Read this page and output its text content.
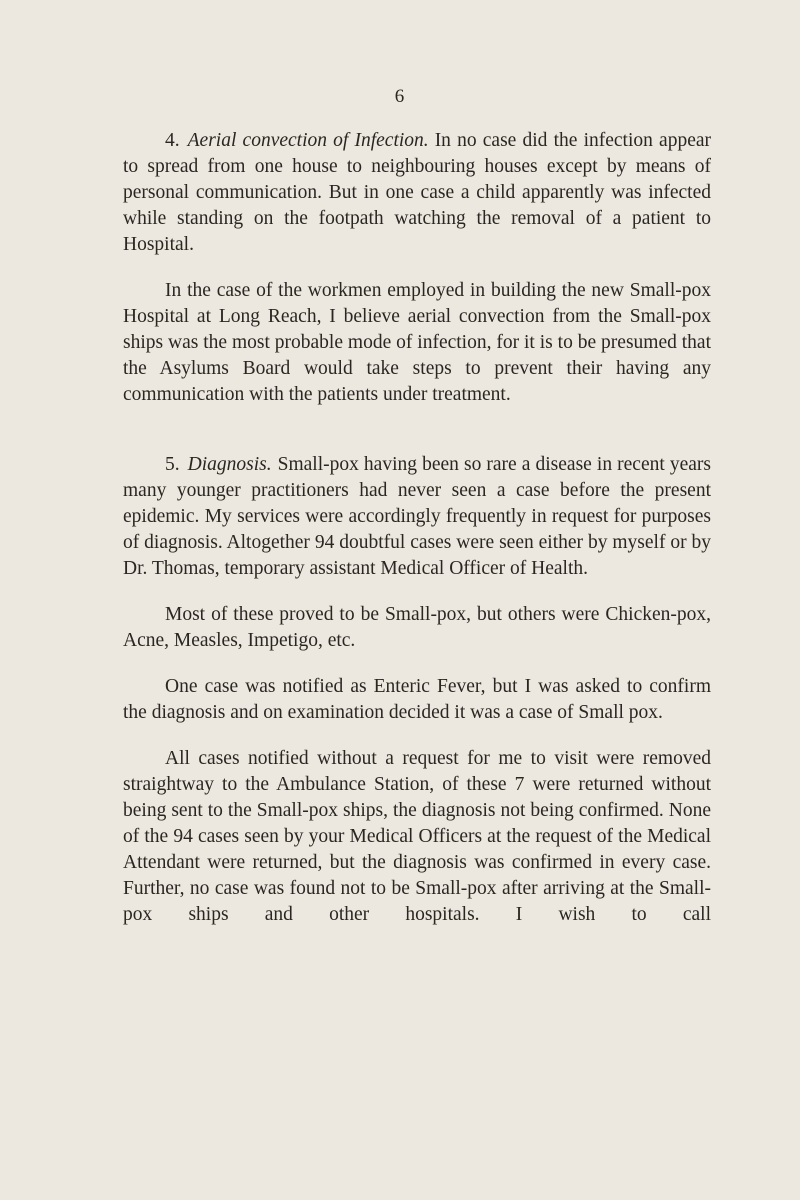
6

4. Aerial convection of Infection. In no case did the infection appear to spread from one house to neighbouring houses except by means of personal communication. But in one case a child apparently was infected while standing on the footpath watching the removal of a patient to Hospital.

In the case of the workmen employed in building the new Small-pox Hospital at Long Reach, I believe aerial convection from the Small-pox ships was the most probable mode of infection, for it is to be presumed that the Asylums Board would take steps to prevent their having any communication with the patients under treatment.

5. Diagnosis. Small-pox having been so rare a disease in recent years many younger practitioners had never seen a case before the present epidemic. My services were accordingly frequently in request for purposes of diagnosis. Altogether 94 doubtful cases were seen either by myself or by Dr. Thomas, temporary assistant Medical Officer of Health.

Most of these proved to be Small-pox, but others were Chicken-pox, Acne, Measles, Impetigo, etc.

One case was notified as Enteric Fever, but I was asked to confirm the diagnosis and on examination decided it was a case of Small pox.

All cases notified without a request for me to visit were removed straightway to the Ambulance Station, of these 7 were returned without being sent to the Small-pox ships, the diagnosis not being confirmed. None of the 94 cases seen by your Medical Officers at the request of the Medical Attendant were returned, but the diagnosis was confirmed in every case. Further, no case was found not to be Small-pox after arriving at the Small-pox ships and other hospitals. I wish to call
